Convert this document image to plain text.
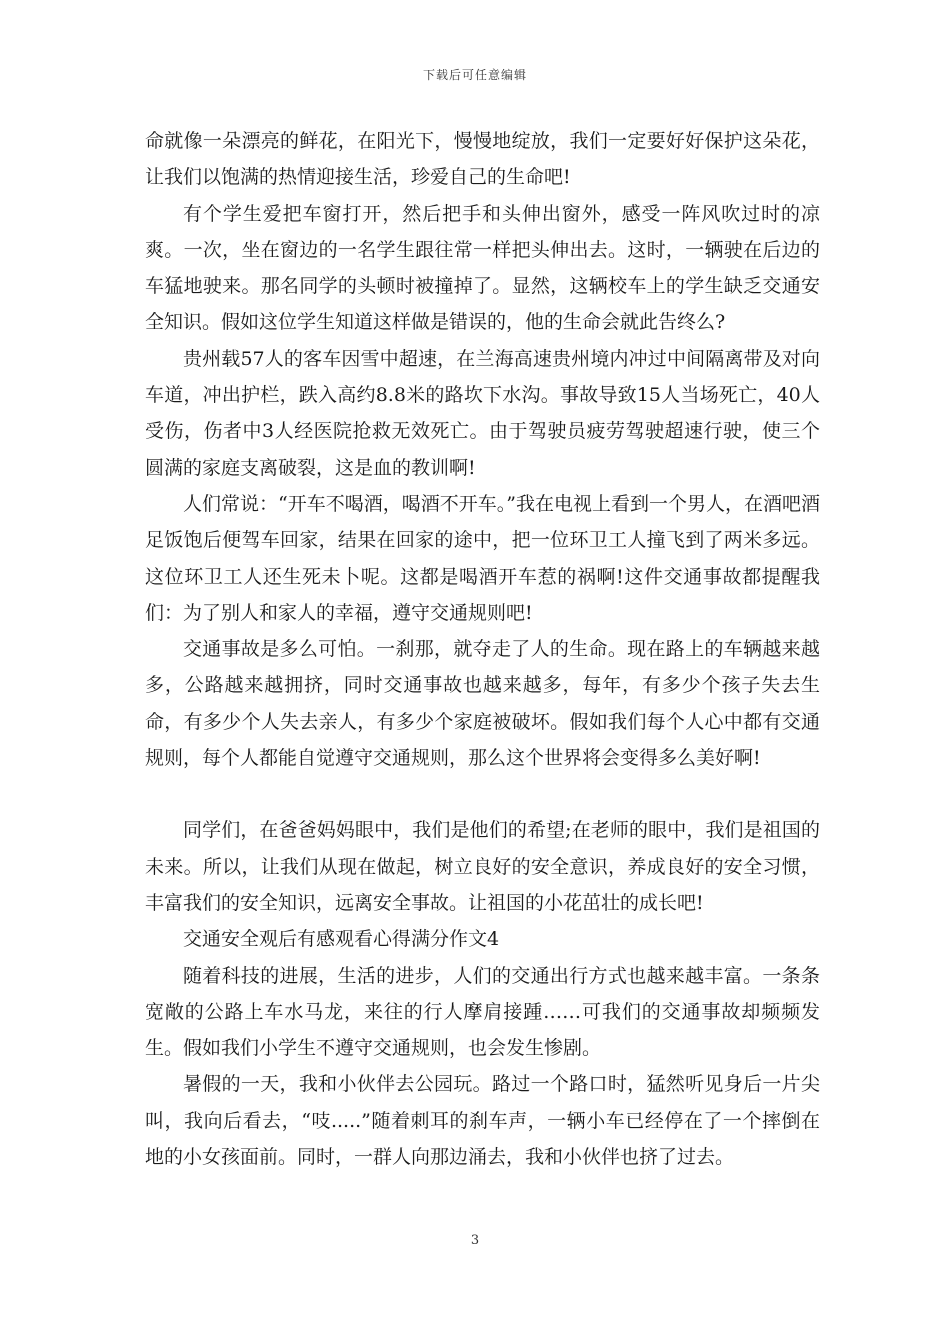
下载后可任意编辑

命就像一朵漂亮的鲜花，在阳光下，慢慢地绽放，我们一定要好好保护这朵花，让我们以饱满的热情迎接生活，珍爱自己的生命吧!

有个学生爱把车窗打开，然后把手和头伸出窗外，感受一阵风吹过时的凉爽。一次，坐在窗边的一名学生跟往常一样把头伸出去。这时，一辆驶在后边的车猛地驶来。那名同学的头顿时被撞掉了。显然，这辆校车上的学生缺乏交通安全知识。假如这位学生知道这样做是错误的，他的生命会就此告终么?

贵州载57人的客车因雪中超速，在兰海高速贵州境内冲过中间隔离带及对向车道，冲出护栏，跌入高约8.8米的路坎下水沟。事故导致15人当场死亡，40人受伤，伤者中3人经医院抢救无效死亡。由于驾驶员疲劳驾驶超速行驶，使三个圆满的家庭支离破裂，这是血的教训啊!

人们常说：“开车不喝酒，喝酒不开车。”我在电视上看到一个男人，在酒吧酒足饭饱后便驾车回家，结果在回家的途中，把一位环卫工人撞飞到了两米多远。这位环卫工人还生死未卜呢。这都是喝酒开车惹的祸啊!这件交通事故都提醒我们：为了别人和家人的幸福，遵守交通规则吧!

交通事故是多么可怕。一刹那，就夺走了人的生命。现在路上的车辆越来越多，公路越来越拥挤，同时交通事故也越来越多，每年，有多少个孩子失去生命，有多少个人失去亲人，有多少个家庭被破坏。假如我们每个人心中都有交通规则，每个人都能自觉遵守交通规则，那么这个世界将会变得多么美好啊!

同学们，在爸爸妈妈眼中，我们是他们的希望;在老师的眼中，我们是祖国的未来。所以，让我们从现在做起，树立良好的安全意识，养成良好的安全习惯，丰富我们的安全知识，远离安全事故。让祖国的小花茁壮的成长吧!

交通安全观后有感观看心得满分作文4

随着科技的进展，生活的进步，人们的交通出行方式也越来越丰富。一条条宽敞的公路上车水马龙，来往的行人摩肩接踵……可我们的交通事故却频频发生。假如我们小学生不遵守交通规则，也会发生惨剧。

暑假的一天，我和小伙伴去公园玩。路过一个路口时，猛然听见身后一片尖叫，我向后看去，“吱.....”随着刺耳的刹车声，一辆小车已经停在了一个摔倒在地的小女孩面前。同时，一群人向那边涌去，我和小伙伴也挤了过去。

3
